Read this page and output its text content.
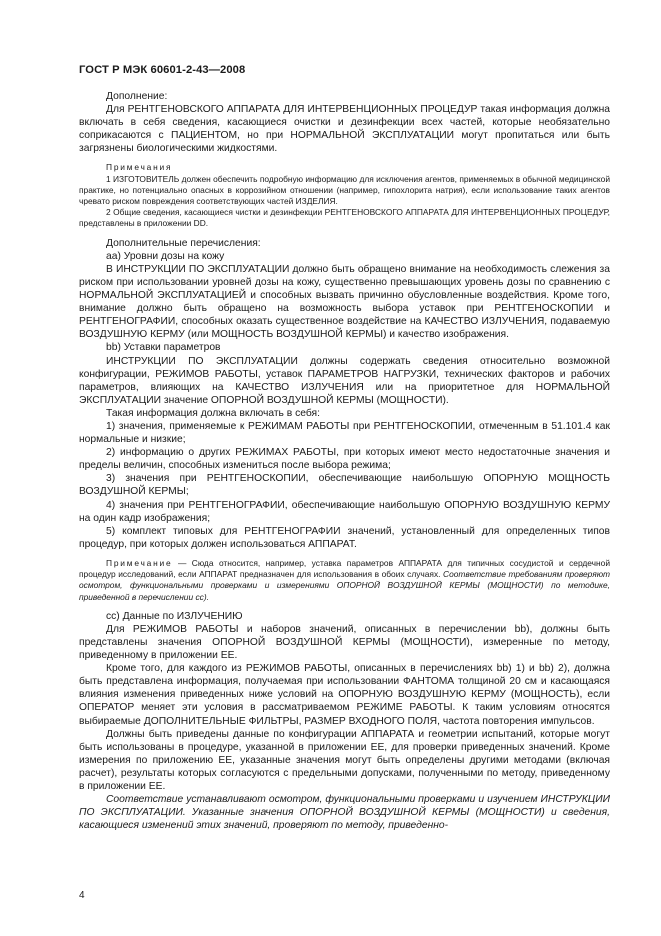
ГОСТ Р МЭК 60601-2-43—2008

Дополнение:

Для РЕНТГЕНОВСКОГО АППАРАТА ДЛЯ ИНТЕРВЕНЦИОННЫХ ПРОЦЕДУР такая информация должна включать в себя сведения, касающиеся очистки и дезинфекции всех частей, которые необязательно соприкасаются с ПАЦИЕНТОМ, но при НОРМАЛЬНОЙ ЭКСПЛУАТАЦИИ могут пропитаться или быть загрязнены биологическими жидкостями.

Примечания

1 ИЗГОТОВИТЕЛЬ должен обеспечить подробную информацию для исключения агентов, применяемых в обычной медицинской практике, но потенциально опасных в коррозийном отношении (например, гипохлорита натрия), если использование таких агентов чревато риском повреждения соответствующих частей ИЗДЕЛИЯ.

2 Общие сведения, касающиеся чистки и дезинфекции РЕНТГЕНОВСКОГО АППАРАТА ДЛЯ ИНТЕРВЕНЦИОННЫХ ПРОЦЕДУР, представлены в приложении DD.

Дополнительные перечисления:

аа) Уровни дозы на кожу

В ИНСТРУКЦИИ ПО ЭКСПЛУАТАЦИИ должно быть обращено внимание на необходимость слежения за риском при использовании уровней дозы на кожу, существенно превышающих уровень дозы по сравнению с НОРМАЛЬНОЙ ЭКСПЛУАТАЦИЕЙ и способных вызвать причинно обусловленные воздействия. Кроме того, внимание должно быть обращено на возможность выбора уставок при РЕНТГЕНОСКОПИИ и РЕНТГЕНОГРАФИИ, способных оказать существенное воздействие на КАЧЕСТВО ИЗЛУЧЕНИЯ, подаваемую ВОЗДУШНУЮ КЕРМУ (или МОЩНОСТЬ ВОЗДУШНОЙ КЕРМЫ) и качество изображения.

bb) Уставки параметров

ИНСТРУКЦИИ ПО ЭКСПЛУАТАЦИИ должны содержать сведения относительно возможной конфигурации, РЕЖИМОВ РАБОТЫ, уставок ПАРАМЕТРОВ НАГРУЗКИ, технических факторов и рабочих параметров, влияющих на КАЧЕСТВО ИЗЛУЧЕНИЯ или на приоритетное для НОРМАЛЬНОЙ ЭКСПЛУАТАЦИИ значение ОПОРНОЙ ВОЗДУШНОЙ КЕРМЫ (МОЩНОСТИ).

Такая информация должна включать в себя:

1) значения, применяемые к РЕЖИМАМ РАБОТЫ при РЕНТГЕНОСКОПИИ, отмеченным в 51.101.4 как нормальные и низкие;

2) информацию о других РЕЖИМАХ РАБОТЫ, при которых имеют место недостаточные значения и пределы величин, способных измениться после выбора режима;

3) значения при РЕНТГЕНОСКОПИИ, обеспечивающие наибольшую ОПОРНУЮ МОЩНОСТЬ ВОЗДУШНОЙ КЕРМЫ;

4) значения при РЕНТГЕНОГРАФИИ, обеспечивающие наибольшую ОПОРНУЮ ВОЗДУШНУЮ КЕРМУ на один кадр изображения;

5) комплект типовых для РЕНТГЕНОГРАФИИ значений, установленный для определенных типов процедур, при которых должен использоваться АППАРАТ.

Примечание — Сюда относится, например, уставка параметров АППАРАТА для типичных сосудистой и сердечной процедур исследований, если АППАРАТ предназначен для использования в обоих случаях. Соответствие требованиям проверяют осмотром, функциональными проверками и измерениями ОПОРНОЙ ВОЗДУШНОЙ КЕРМЫ (МОЩНОСТИ) по методике, приведенной в перечислении сс).

сс) Данные по ИЗЛУЧЕНИЮ

Для РЕЖИМОВ РАБОТЫ и наборов значений, описанных в перечислении bb), должны быть представлены значения ОПОРНОЙ ВОЗДУШНОЙ КЕРМЫ (МОЩНОСТИ), измеренные по методу, приведенному в приложении ЕЕ.

Кроме того, для каждого из РЕЖИМОВ РАБОТЫ, описанных в перечислениях bb) 1) и bb) 2), должна быть представлена информация, получаемая при использовании ФАНТОМА толщиной 20 см и касающаяся влияния изменения приведенных ниже условий на ОПОРНУЮ ВОЗДУШНУЮ КЕРМУ (МОЩНОСТЬ), если ОПЕРАТОР меняет эти условия в рассматриваемом РЕЖИМЕ РАБОТЫ. К таким условиям относятся выбираемые ДОПОЛНИТЕЛЬНЫЕ ФИЛЬТРЫ, РАЗМЕР ВХОДНОГО ПОЛЯ, частота повторения импульсов.

Должны быть приведены данные по конфигурации АППАРАТА и геометрии испытаний, которые могут быть использованы в процедуре, указанной в приложении ЕЕ, для проверки приведенных значений. Кроме измерения по приложению ЕЕ, указанные значения могут быть определены другими методами (включая расчет), результаты которых согласуются с предельными допусками, полученными по методу, приведенному в приложении ЕЕ.

Соответствие устанавливают осмотром, функциональными проверками и изучением ИНСТРУКЦИИ ПО ЭКСПЛУАТАЦИИ. Указанные значения ОПОРНОЙ ВОЗДУШНОЙ КЕРМЫ (МОЩНОСТИ) и сведения, касающиеся изменений этих значений, проверяют по методу, приведенно-

4
